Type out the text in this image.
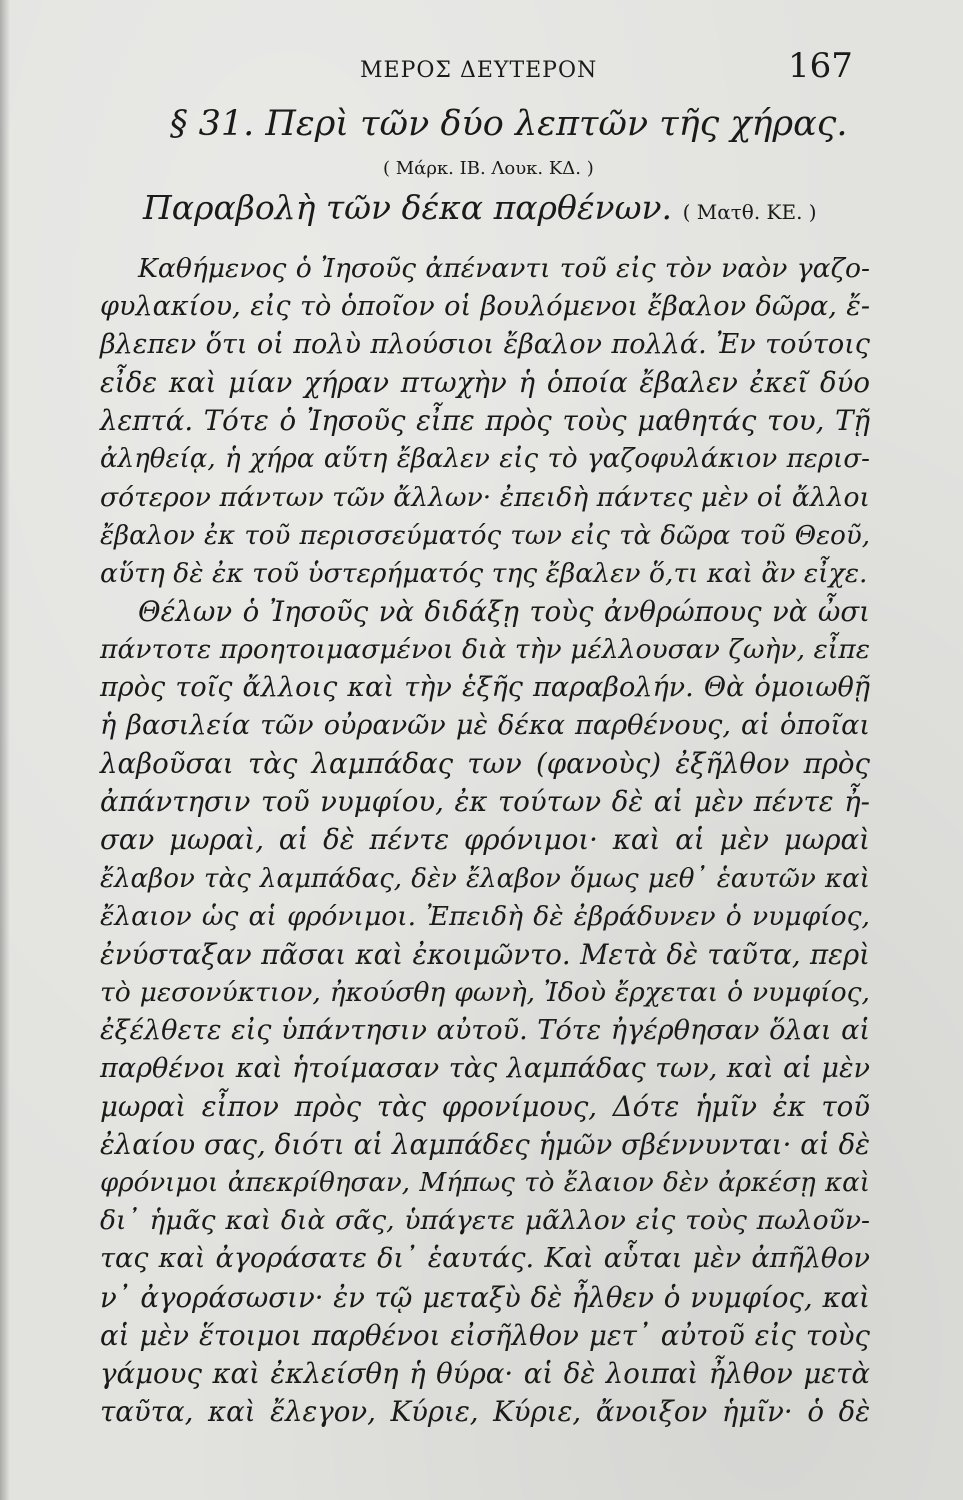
ΜΕΡΟΣ ΔΕΥΤΕΡΟΝ	167
§ 31. Περὶ τῶν δύο λεπτῶν τῆς χήρας.
( Μάρκ. ΙΒ. Λουκ. ΚΔ. )
Παραβολὴ τῶν δέκα παρθένων. ( Ματθ. ΚΕ. )
Καθήμενος ὁ Ἰησοῦς ἀπέναντι τοῦ εἰς τὸν ναὸν γαζο-
φυλακίου, εἰς τὸ ὁποῖον οἱ βουλόμενοι ἔβαλον δῶρα, ἔ-
βλεπεν ὅτι οἱ πολὺ πλούσιοι ἔβαλον πολλά. Ἐν τούτοις
εἶδε καὶ μίαν χήραν πτωχὴν ἡ ὁποία ἔβαλεν ἐκεῖ δύο
λεπτά. Τότε ὁ Ἰησοῦς εἶπε πρὸς τοὺς μαθητάς του, Τῇ
ἀληθείᾳ, ἡ χήρα αὕτη ἔβαλεν εἰς τὸ γαζοφυλάκιον περισ-
σότερον πάντων τῶν ἄλλων· ἐπειδὴ πάντες μὲν οἱ ἄλλοι
ἔβαλον ἐκ τοῦ περισσεύματός των εἰς τὰ δῶρα τοῦ Θεοῦ,
αὕτη δὲ ἐκ τοῦ ὑστερήματός της ἔβαλεν ὅ,τι καὶ ἂν εἶχε.
Θέλων ὁ Ἰησοῦς νὰ διδάξῃ τοὺς ἀνθρώπους νὰ ὦσι
πάντοτε προητοιμασμένοι διὰ τὴν μέλλουσαν ζωὴν, εἶπε
πρὸς τοῖς ἄλλοις καὶ τὴν ἑξῆς παραβολήν. Θὰ ὁμοιωθῇ
ἡ βασιλεία τῶν οὐρανῶν μὲ δέκα παρθένους, αἱ ὁποῖαι
λαβοῦσαι τὰς λαμπάδας των (φανοὺς) ἐξῆλθον πρὸς
ἀπάντησιν τοῦ νυμφίου, ἐκ τούτων δὲ αἱ μὲν πέντε ἦ-
σαν μωραὶ, αἱ δὲ πέντε φρόνιμοι· καὶ αἱ μὲν μωραὶ
ἔλαβον τὰς λαμπάδας, δὲν ἔλαβον ὅμως μεθ᾽ ἑαυτῶν καὶ
ἔλαιον ὡς αἱ φρόνιμοι. Ἐπειδὴ δὲ ἐβράδυνεν ὁ νυμφίος,
ἐνύσταξαν πᾶσαι καὶ ἐκοιμῶντο. Μετὰ δὲ ταῦτα, περὶ
τὸ μεσονύκτιον, ἠκούσθη φωνὴ, Ἰδοὺ ἔρχεται ὁ νυμφίος,
ἐξέλθετε εἰς ὑπάντησιν αὐτοῦ. Τότε ἠγέρθησαν ὅλαι αἱ
παρθένοι καὶ ἡτοίμασαν τὰς λαμπάδας των, καὶ αἱ μὲν
μωραὶ εἶπον πρὸς τὰς φρονίμους, Δότε ἡμῖν ἐκ τοῦ
ἐλαίου σας, διότι αἱ λαμπάδες ἡμῶν σβέννυνται· αἱ δὲ
φρόνιμοι ἀπεκρίθησαν, Μήπως τὸ ἔλαιον δὲν ἀρκέσῃ καὶ
δι᾽ ἡμᾶς καὶ διὰ σᾶς, ὑπάγετε μᾶλλον εἰς τοὺς πωλοῦν-
τας καὶ ἀγοράσατε δι᾽ ἑαυτάς. Καὶ αὗται μὲν ἀπῆλθον
ν᾽ ἀγοράσωσιν· ἐν τῷ μεταξὺ δὲ ἦλθεν ὁ νυμφίος, καὶ
αἱ μὲν ἕτοιμοι παρθένοι εἰσῆλθον μετ᾽ αὐτοῦ εἰς τοὺς
γάμους καὶ ἐκλείσθη ἡ θύρα· αἱ δὲ λοιπαὶ ἦλθον μετὰ
ταῦτα, καὶ ἔλεγον, Κύριε, Κύριε, ἄνοιξον ἡμῖν· ὁ δὲ
